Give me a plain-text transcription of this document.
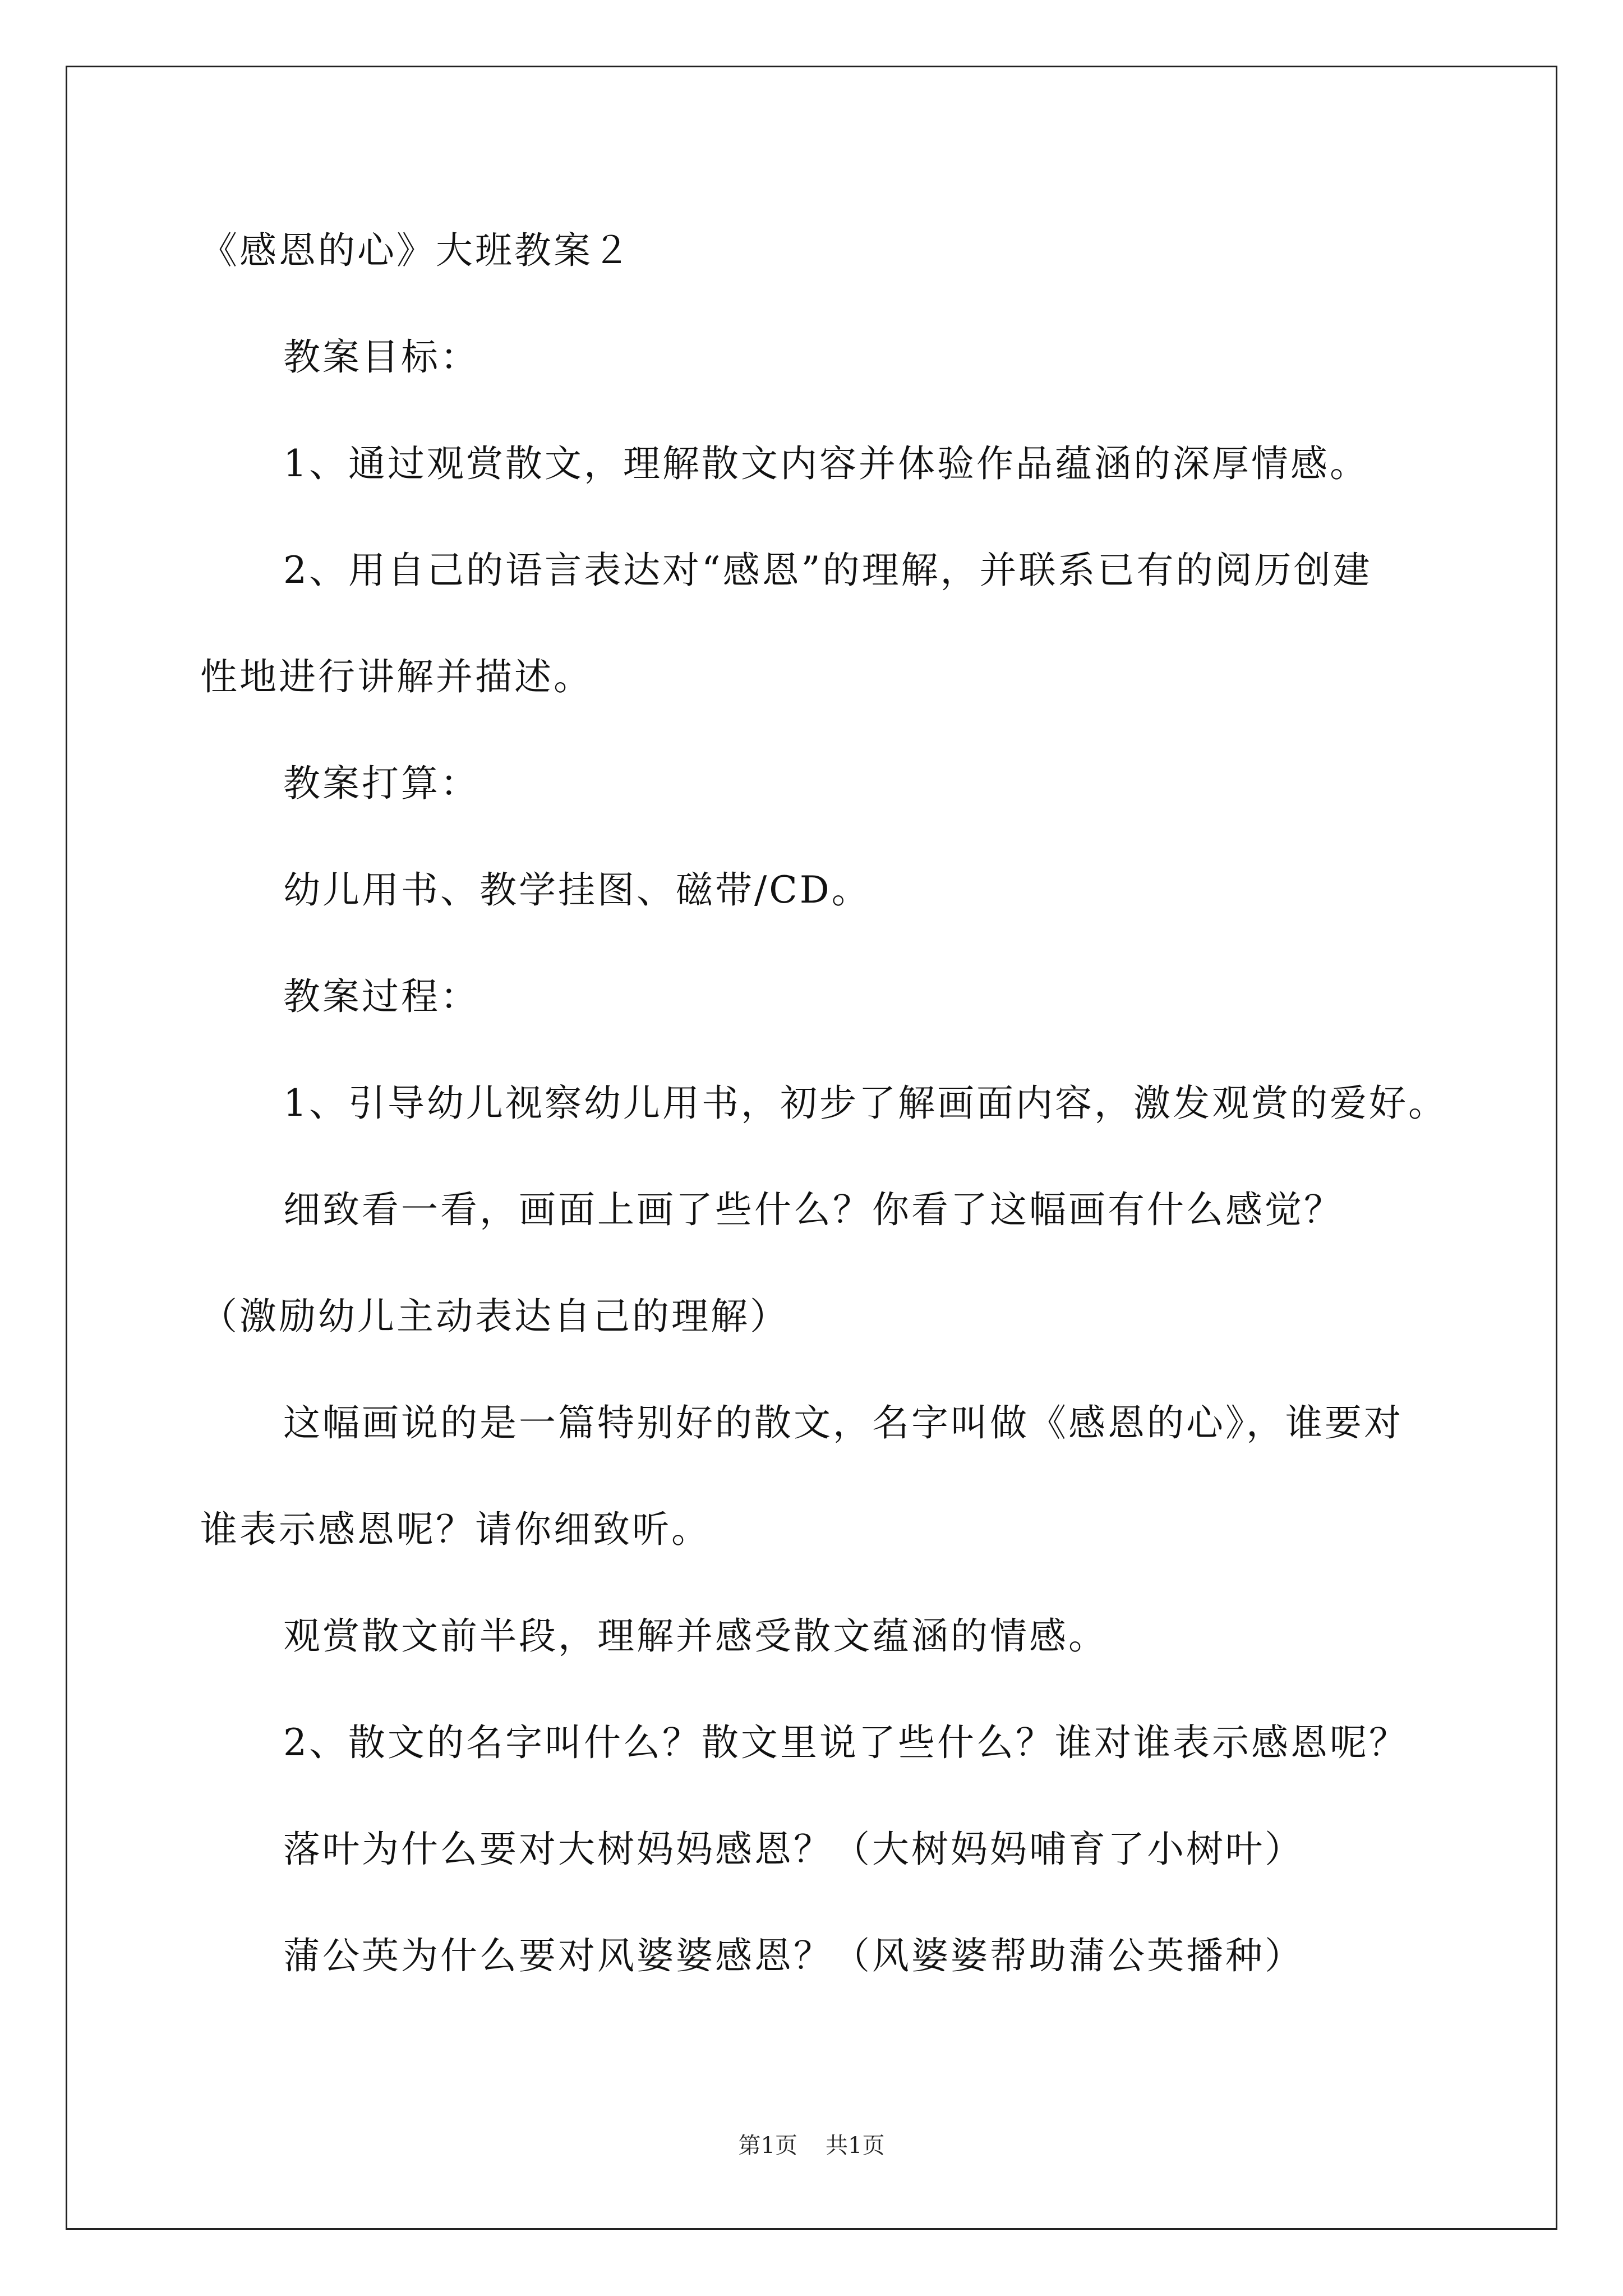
《感恩的心》大班教案２
教案目标：
1、通过观赏散文，理解散文内容并体验作品蕴涵的深厚情感。
2、用自己的语言表达对“感恩”的理解，并联系已有的阅历创建
性地进行讲解并描述。
教案打算：
幼儿用书、教学挂图、磁带/CD。
教案过程：
1、引导幼儿视察幼儿用书，初步了解画面内容，激发观赏的爱好。
细致看一看，画面上画了些什么？你看了这幅画有什么感觉？
（激励幼儿主动表达自己的理解）
这幅画说的是一篇特别好的散文，名字叫做《感恩的心》，谁要对
谁表示感恩呢？请你细致听。
观赏散文前半段，理解并感受散文蕴涵的情感。
2、散文的名字叫什么？散文里说了些什么？谁对谁表示感恩呢？
落叶为什么要对大树妈妈感恩？（大树妈妈哺育了小树叶）
蒲公英为什么要对风婆婆感恩？（风婆婆帮助蒲公英播种）
第1页 共1页
